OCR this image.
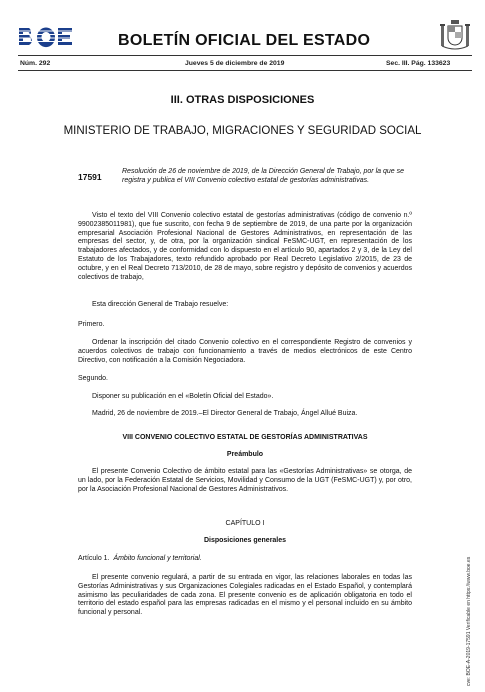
BOLETÍN OFICIAL DEL ESTADO
Núm. 292	Jueves 5 de diciembre de 2019	Sec. III. Pág. 133623
III. OTRAS DISPOSICIONES
MINISTERIO DE TRABAJO, MIGRACIONES Y SEGURIDAD SOCIAL
17591
Resolución de 26 de noviembre de 2019, de la Dirección General de Trabajo, por la que se registra y publica el VIII Convenio colectivo estatal de gestorías administrativas.
Visto el texto del VIII Convenio colectivo estatal de gestorías administrativas (código de convenio n.º 99002385011981), que fue suscrito, con fecha 9 de septiembre de 2019, de una parte por la organización empresarial Asociación Profesional Nacional de Gestores Administrativos, en representación de las empresas del sector, y, de otra, por la organización sindical FeSMC-UGT, en representación de los trabajadores afectados, y de conformidad con lo dispuesto en el artículo 90, apartados 2 y 3, de la Ley del Estatuto de los Trabajadores, texto refundido aprobado por Real Decreto Legislativo 2/2015, de 23 de octubre, y en el Real Decreto 713/2010, de 28 de mayo, sobre registro y depósito de convenios y acuerdos colectivos de trabajo,
Esta dirección General de Trabajo resuelve:
Primero.
Ordenar la inscripción del citado Convenio colectivo en el correspondiente Registro de convenios y acuerdos colectivos de trabajo con funcionamiento a través de medios electrónicos de este Centro Directivo, con notificación a la Comisión Negociadora.
Segundo.
Disponer su publicación en el «Boletín Oficial del Estado».
Madrid, 26 de noviembre de 2019.–El Director General de Trabajo, Ángel Allué Buiza.
VIII CONVENIO COLECTIVO ESTATAL DE GESTORÍAS ADMINISTRATIVAS
Preámbulo
El presente Convenio Colectivo de ámbito estatal para las «Gestorías Administrativas» se otorga, de un lado, por la Federación Estatal de Servicios, Movilidad y Consumo de la UGT (FeSMC-UGT) y, por otro, por la Asociación Profesional Nacional de Gestores Administrativos.
CAPÍTULO I
Disposiciones generales
Artículo 1. Ámbito funcional y territorial.
El presente convenio regulará, a partir de su entrada en vigor, las relaciones laborales en todas las Gestorías Administrativas y sus Organizaciones Colegiales radicadas en el Estado Español, y contemplará asimismo las peculiaridades de cada zona. El presente convenio es de aplicación obligatoria en todo el territorio del estado español para las empresas radicadas en el mismo y el personal incluido en su ámbito funcional y personal.	cve: BOE-A-2019-17591 Verificable en https://www.boe.es
